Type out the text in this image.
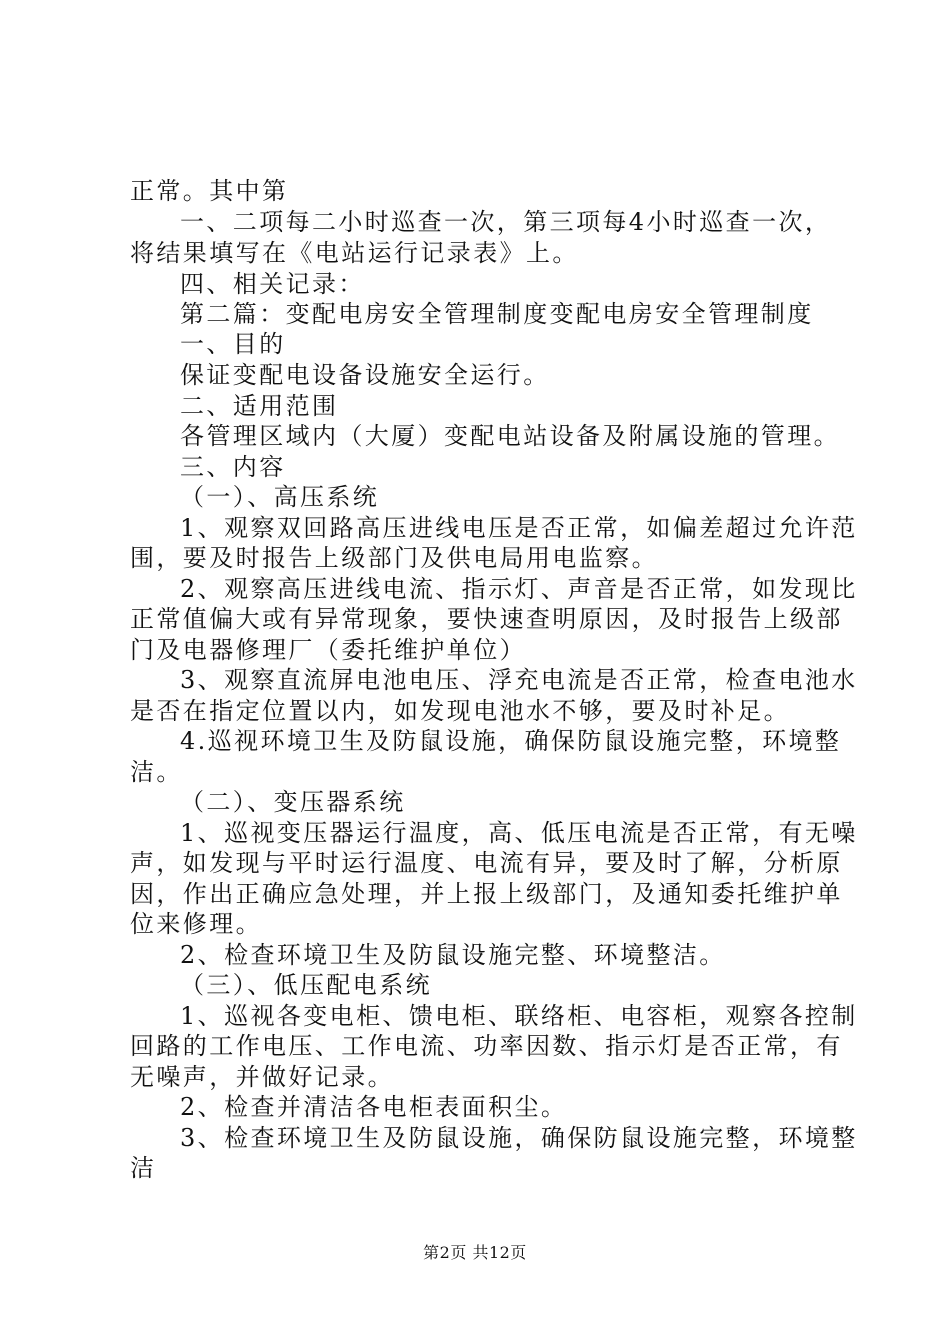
正常。其中第
一、二项每二小时巡查一次，第三项每4小时巡查一次，
将结果填写在《电站运行记录表》上。
四、相关记录：
第二篇：变配电房安全管理制度变配电房安全管理制度
一、目的
保证变配电设备设施安全运行。
二、适用范围
各管理区域内（大厦）变配电站设备及附属设施的管理。
三、内容
（一）、高压系统
1、观察双回路高压进线电压是否正常，如偏差超过允许范
围，要及时报告上级部门及供电局用电监察。
2、观察高压进线电流、指示灯、声音是否正常，如发现比
正常值偏大或有异常现象，要快速查明原因，及时报告上级部
门及电器修理厂（委托维护单位）
3、观察直流屏电池电压、浮充电流是否正常，检查电池水
是否在指定位置以内，如发现电池水不够，要及时补足。
4.巡视环境卫生及防鼠设施，确保防鼠设施完整，环境整
洁。
（二）、变压器系统
1、巡视变压器运行温度，高、低压电流是否正常，有无噪
声，如发现与平时运行温度、电流有异，要及时了解，分析原
因，作出正确应急处理，并上报上级部门，及通知委托维护单
位来修理。
2、检查环境卫生及防鼠设施完整、环境整洁。
（三）、低压配电系统
1、巡视各变电柜、馈电柜、联络柜、电容柜，观察各控制
回路的工作电压、工作电流、功率因数、指示灯是否正常，有
无噪声，并做好记录。
2、检查并清洁各电柜表面积尘。
3、检查环境卫生及防鼠设施，确保防鼠设施完整，环境整
洁
第2页 共12页
